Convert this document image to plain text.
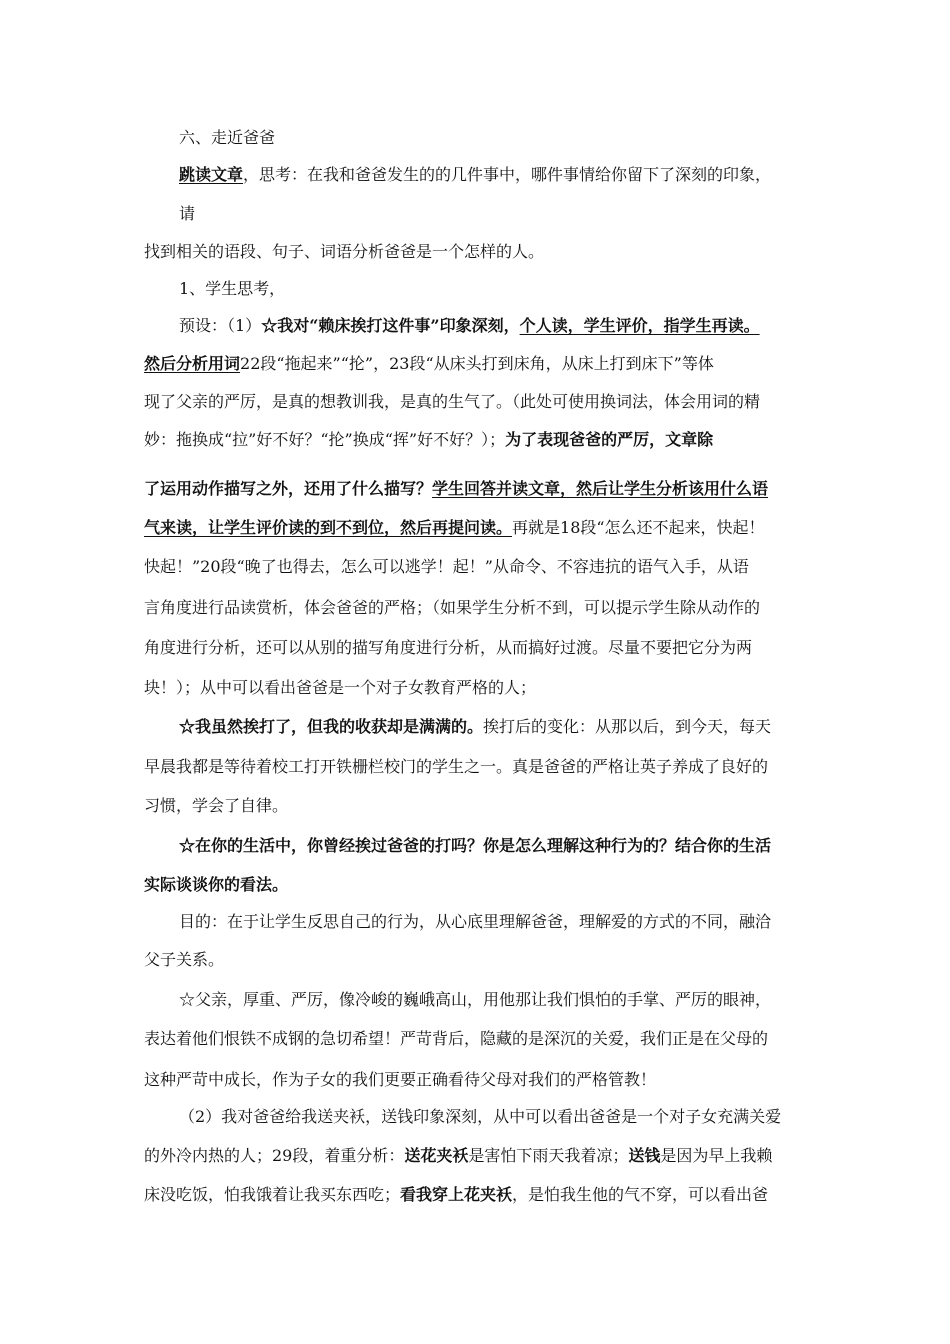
六、走近爸爸
跳读文章，思考：在我和爸爸发生的的几件事中，哪件事情给你留下了深刻的印象，
请
找到相关的语段、句子、词语分析爸爸是一个怎样的人。
1、学生思考，
预设：（1）☆我对“赖床挨打这件事”印象深刻，个人读，学生评价，指学生再读。
然后分析用词22段“拖起来”“抡”，23段“从床头打到床角，从床上打到床下”等体
现了父亲的严厉，是真的想教训我，是真的生气了。（此处可使用换词法，体会用词的精
妙：拖换成“拉”好不好？“抡”换成“挥”好不好？）；为了表现爸爸的严厉，文章除
了运用动作描写之外，还用了什么描写？学生回答并读文章，然后让学生分析该用什么语
气来读，让学生评价读的到不到位，然后再提问读。再就是18段“怎么还不起来，快起！
快起！”20段“晚了也得去，怎么可以逃学！起！”从命令、不容违抗的语气入手，从语
言角度进行品读赏析，体会爸爸的严格；（如果学生分析不到，可以提示学生除从动作的
角度进行分析，还可以从别的描写角度进行分析，从而搞好过渡。尽量不要把它分为两
块！）；从中可以看出爸爸是一个对子女教育严格的人；
☆我虽然挨打了，但我的收获却是满满的。挨打后的变化：从那以后，到今天，每天
早晨我都是等待着校工打开铁栅栏校门的学生之一。真是爸爸的严格让英子养成了良好的
习惯，学会了自律。
☆在你的生活中，你曾经挨过爸爸的打吗？你是怎么理解这种行为的？结合你的生活
实际谈谈你的看法。
目的：在于让学生反思自己的行为，从心底里理解爸爸，理解爱的方式的不同，融洽
父子关系。
☆父亲，厚重、严厉，像冷峻的巍峨高山，用他那让我们惧怕的手掌、严厉的眼神，
表达着他们恨铁不成钢的急切希望！严苛背后，隐藏的是深沉的关爱，我们正是在父母的
这种严苛中成长，作为子女的我们更要正确看待父母对我们的严格管教！
（2）我对爸爸给我送夹袄，送钱印象深刻，从中可以看出爸爸是一个对子女充满关爱
的外冷内热的人；29段，着重分析：送花夹袄是害怕下雨天我着凉；送钱是因为早上我赖
床没吃饭，怕我饿着让我买东西吃；看我穿上花夹袄，是怕我生他的气不穿，可以看出爸
